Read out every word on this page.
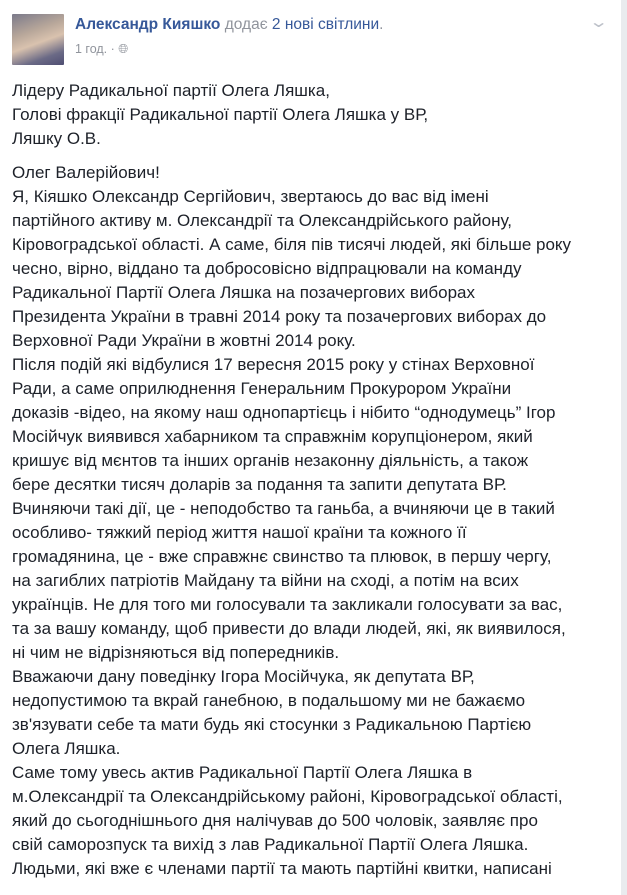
Александр Кияшко додає 2 нові світлини.
1 год. · 🌐︎
⌄
Лідеру Радикальної партії Олега Ляшка,
Голові фракції Радикальної партії Олега Ляшка у ВР,
Ляшку О.В.
Олег Валерійович!
Я, Кіяшко Олександр Сергійович, звертаюсь до вас від імені
партійного активу м. Олександрії та Олександрійського району,
Кіровоградської області. А саме, біля пів тисячі людей, які більше року
чесно, вірно, віддано та добросовісно відпрацювали на команду
Радикальної Партії Олега Ляшка на позачергових виборах
Президента України в травні 2014 року та позачергових виборах до
Верховної Ради України в жовтні 2014 року.
Після подій які відбулися 17 вересня 2015 року у стінах Верховної
Ради, а саме оприлюднення Генеральним Прокурором України
доказів -відео, на якому наш однопартієць і нібито “однодумець” Ігор
Мосійчук виявився хабарником та справжнім корупціонером, який
кришує від мєнтов та інших органів незаконну діяльність, а також
бере десятки тисяч доларів за подання та запити депутата ВР.
Вчиняючи такі дії, це - неподобство та ганьба, а вчиняючи це в такий
особливо- тяжкий період життя нашої країни та кожного її
громадянина, це - вже справжнє свинство та плювок, в першу чергу,
на загиблих патріотів Майдану та війни на сході, а потім на всих
українців. Не для того ми голосували та закликали голосувати за вас,
та за вашу команду, щоб привести до влади людей, які, як виявилося,
ні чим не відрізняються від попередників.
Вважаючи дану поведінку Ігора Мосійчука, як депутата ВР,
недопустимою та вкрай ганебною, в подальшому ми не бажаємо
зв'язувати себе та мати будь які стосунки з Радикальною Партією
Олега Ляшка.
Саме тому увесь актив Радикальної Партії Олега Ляшка в
м.Олександрії та Олександрійському районі, Кіровоградської області,
який до сьогоднішнього дня налічував до 500 чоловік, заявляє про
свій саморозпуск та вихід з лав Радикальної Партії Олега Ляшка.
Людьми, які вже є членами партії та мають партійні квитки, написані
